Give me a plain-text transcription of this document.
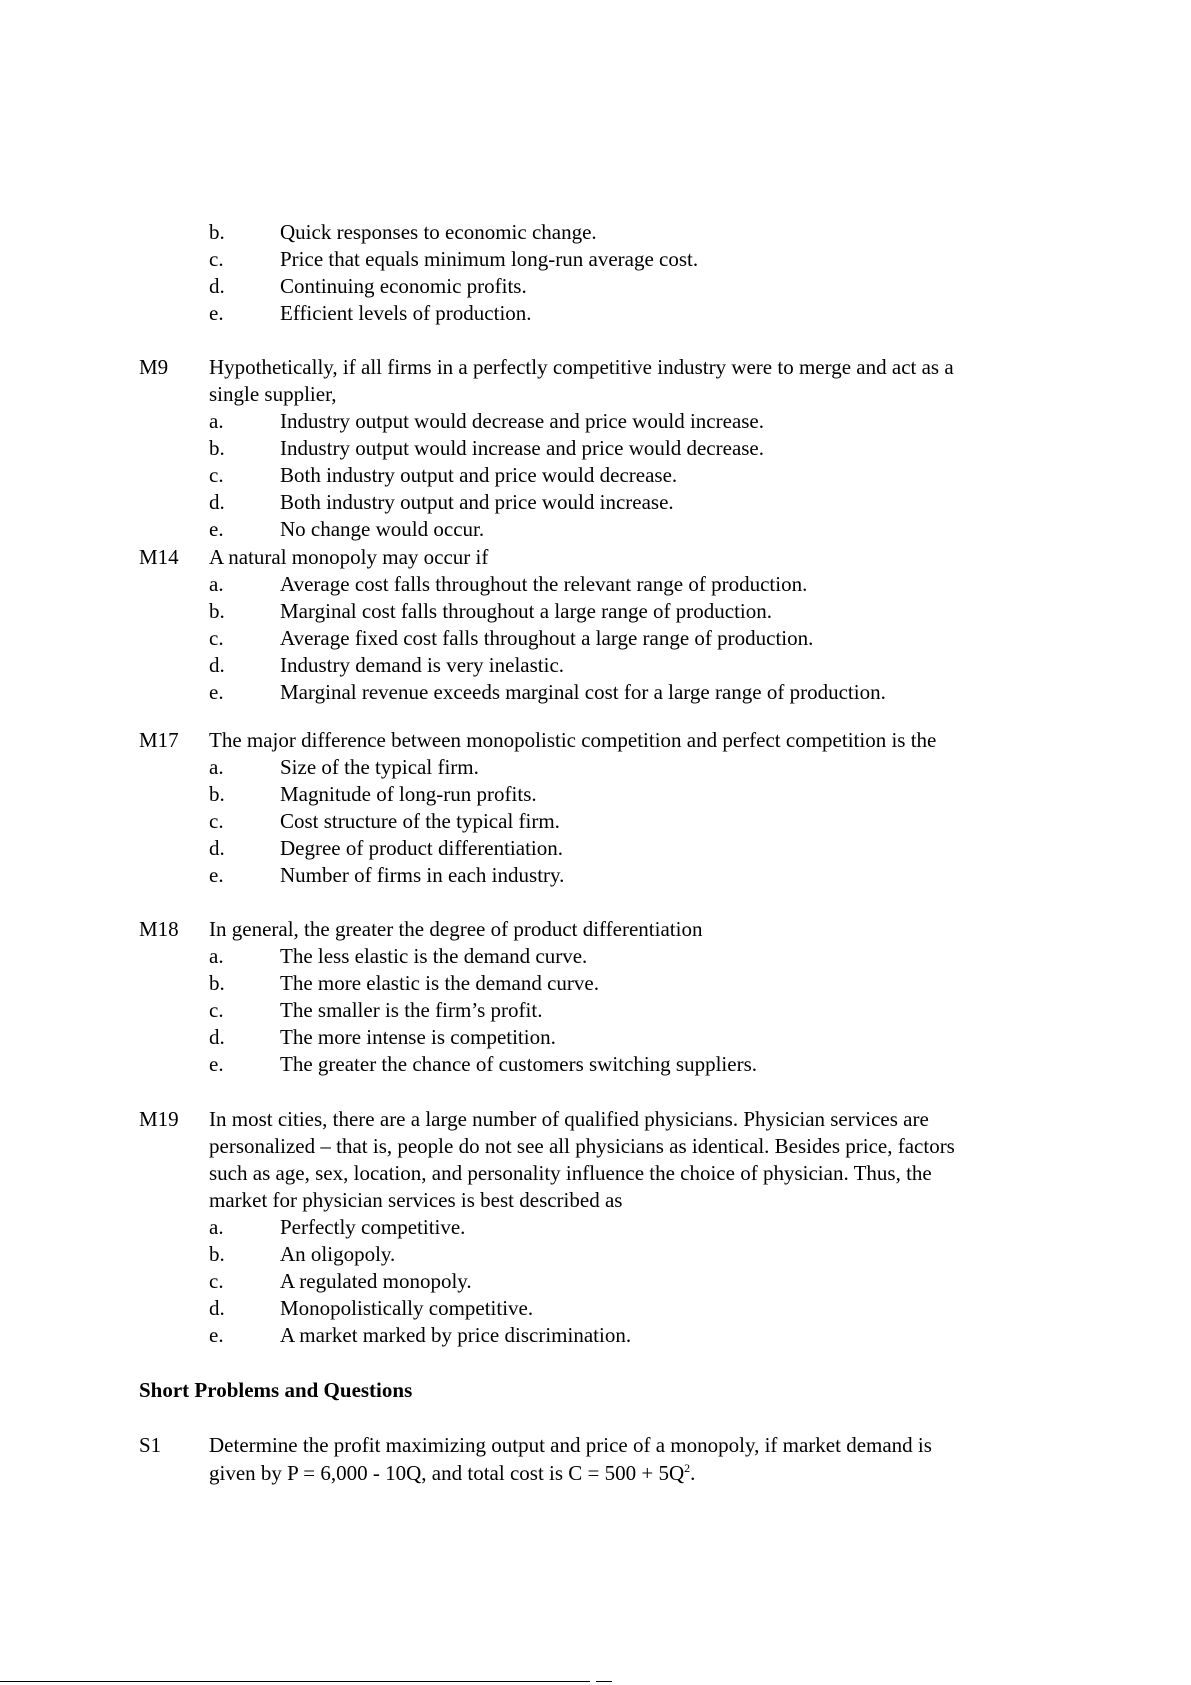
b.	Quick responses to economic change.
c.	Price that equals minimum long-run average cost.
d.	Continuing economic profits.
e.	Efficient levels of production.
M9 Hypothetically, if all firms in a perfectly competitive industry were to merge and act as a
single supplier,
a.	Industry output would decrease and price would increase.
b.	Industry output would increase and price would decrease.
c.	Both industry output and price would decrease.
d.	Both industry output and price would increase.
e.	No change would occur.
M14 A natural monopoly may occur if
a.	Average cost falls throughout the relevant range of production.
b.	Marginal cost falls throughout a large range of production.
c.	Average fixed cost falls throughout a large range of production.
d.	Industry demand is very inelastic.
e.	Marginal revenue exceeds marginal cost for a large range of production.
M17 The major difference between monopolistic competition and perfect competition is the
a.	Size of the typical firm.
b.	Magnitude of long-run profits.
c.	Cost structure of the typical firm.
d.	Degree of product differentiation.
e.	Number of firms in each industry.
M18 In general, the greater the degree of product differentiation
a.	The less elastic is the demand curve.
b.	The more elastic is the demand curve.
c.	The smaller is the firm’s profit.
d.	The more intense is competition.
e.	The greater the chance of customers switching suppliers.
M19 In most cities, there are a large number of qualified physicians. Physician services are
personalized – that is, people do not see all physicians as identical. Besides price, factors
such as age, sex, location, and personality influence the choice of physician. Thus, the
market for physician services is best described as
a.	Perfectly competitive.
b.	An oligopoly.
c.	A regulated monopoly.
d.	Monopolistically competitive.
e.	A market marked by price discrimination.
Short Problems and Questions
S1 Determine the profit maximizing output and price of a monopoly, if market demand is
given by P = 6,000 - 10Q, and total cost is $C = 500 + 5Q^2$.
